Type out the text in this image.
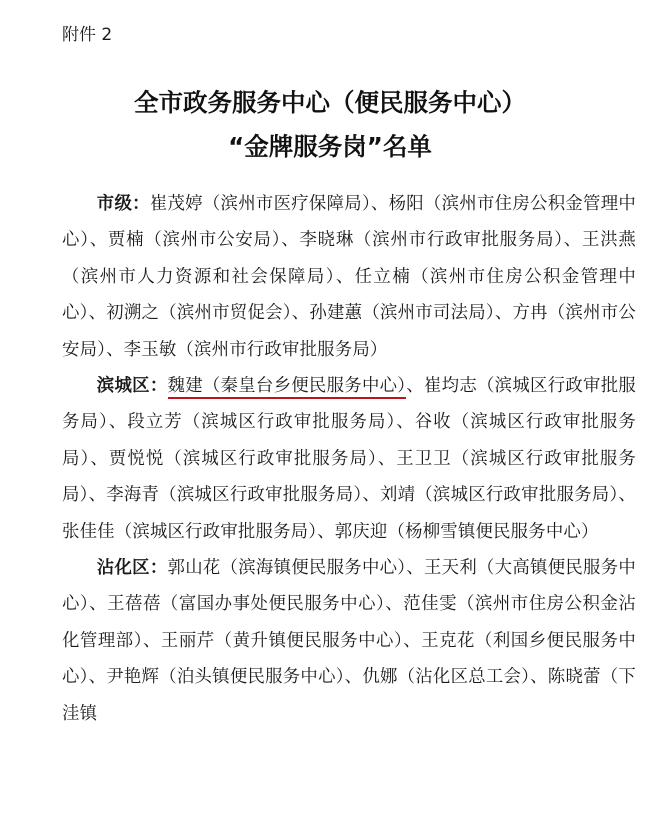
附件 2
全市政务服务中心（便民服务中心）
“金牌服务岗”名单

市级：崔茂婷（滨州市医疗保障局）、杨阳（滨州市住房公积金管理中心）、贾楠（滨州市公安局）、李晓琳（滨州市行政审批服务局）、王洪燕（滨州市人力资源和社会保障局）、任立楠（滨州市住房公积金管理中心）、初溯之（滨州市贸促会）、孙建蕙（滨州市司法局）、方冉（滨州市公安局）、李玉敏（滨州市行政审批服务局）

滨城区：魏建（秦皇台乡便民服务中心）、崔均志（滨城区行政审批服务局）、段立芳（滨城区行政审批服务局）、谷收（滨城区行政审批服务局）、贾悦悦（滨城区行政审批服务局）、王卫卫（滨城区行政审批服务局）、李海青（滨城区行政审批服务局）、刘靖（滨城区行政审批服务局）、张佳佳（滨城区行政审批服务局）、郭庆迎（杨柳雪镇便民服务中心）

沾化区：郭山花（滨海镇便民服务中心）、王天利（大高镇便民服务中心）、王蓓蓓（富国办事处便民服务中心）、范佳雯（滨州市住房公积金沾化管理部）、王丽芹（黄升镇便民服务中心）、王克花（利国乡便民服务中心）、尹艳辉（泊头镇便民服务中心）、仇娜（沾化区总工会）、陈晓蕾（下洼镇
